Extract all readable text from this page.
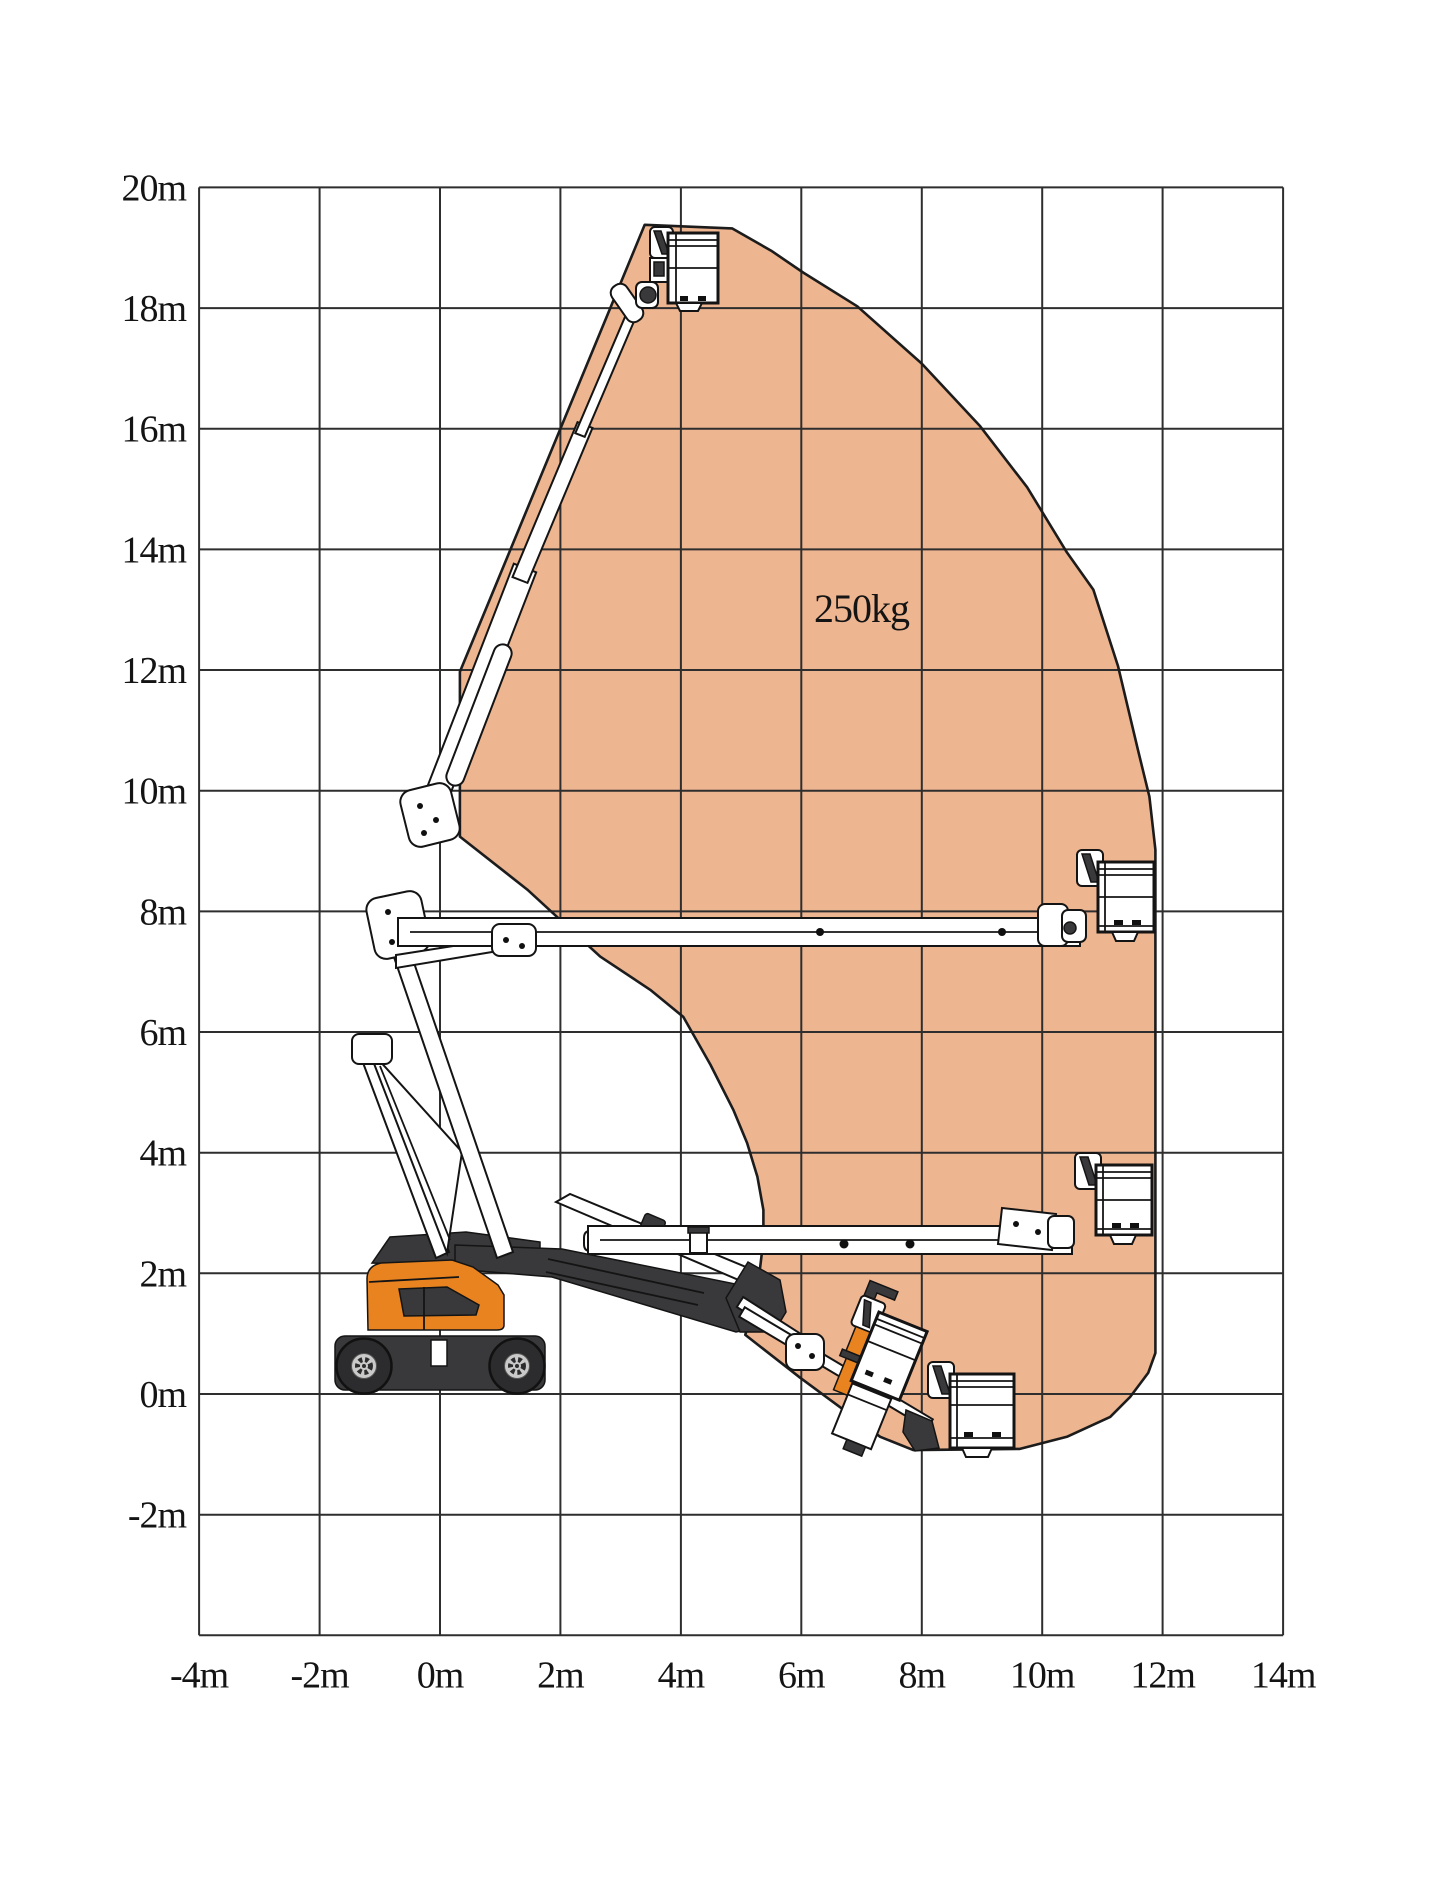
-4m -2m 0m 2m 4m 6m 8m 10m 12m 14m
20m
18m
16m
14m
12m
10m
8m
6m
4m
2m
0m
-2m
250kg
